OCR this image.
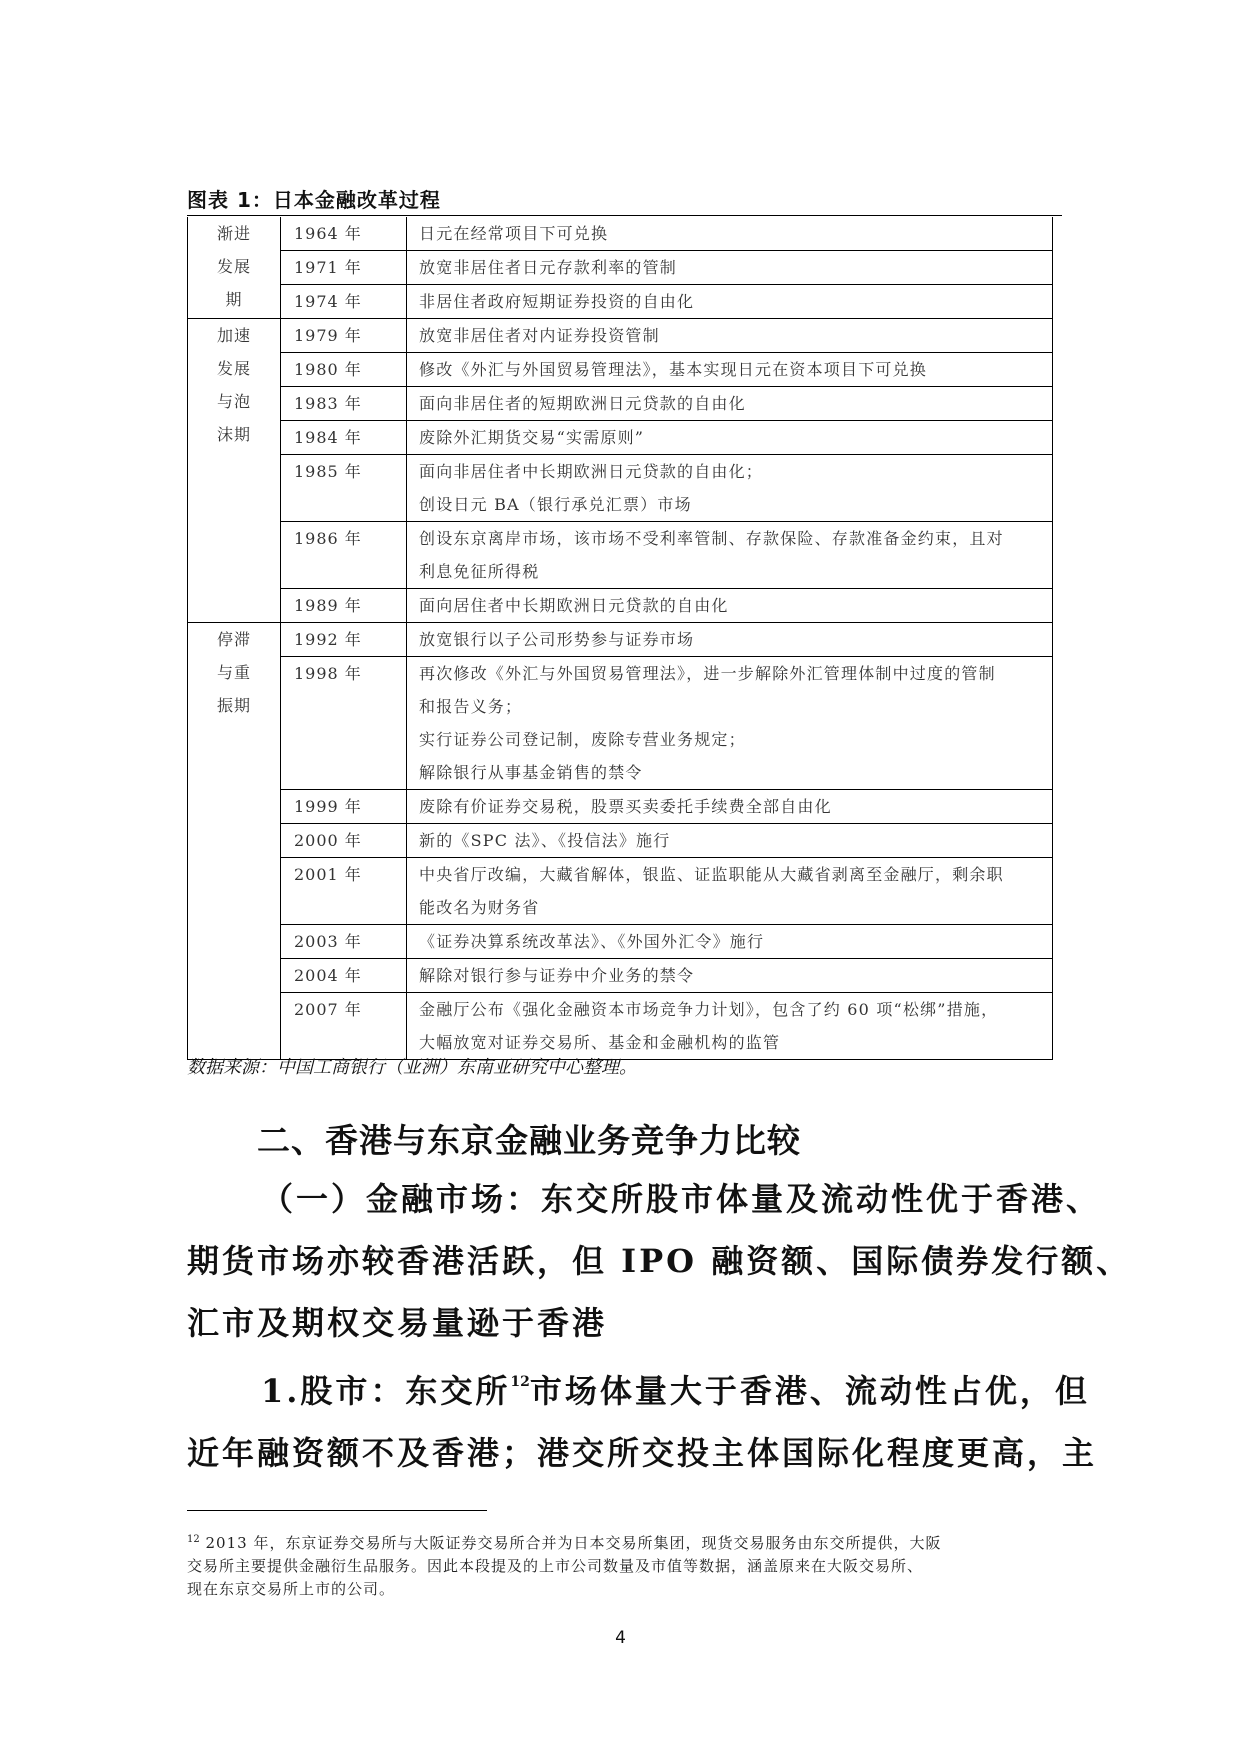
图表 1：日本金融改革过程
渐进
发展
期	1964 年	日元在经常项目下可兑换

	1971 年	放宽非居住者日元存款利率的管制

	1974 年	非居住者政府短期证券投资的自由化

加速
发展
与泡
沫期	1979 年	放宽非居住者对内证券投资管制

	1980 年	修改《外汇与外国贸易管理法》，基本实现日元在资本项目下可兑换

	1983 年	面向非居住者的短期欧洲日元贷款的自由化

	1984 年	废除外汇期货交易“实需原则”

	1985 年	面向非居住者中长期欧洲日元贷款的自由化；
创设日元 BA（银行承兑汇票）市场

	1986 年	创设东京离岸市场，该市场不受利率管制、存款保险、存款准备金约束，且对
利息免征所得税

	1989 年	面向居住者中长期欧洲日元贷款的自由化

停滞
与重
振期	1992 年	放宽银行以子公司形势参与证券市场

	1998 年	再次修改《外汇与外国贸易管理法》，进一步解除外汇管理体制中过度的管制
和报告义务；
实行证券公司登记制，废除专营业务规定；
解除银行从事基金销售的禁令

	1999 年	废除有价证券交易税，股票买卖委托手续费全部自由化

	2000 年	新的《SPC 法》、《投信法》施行

	2001 年	中央省厅改编，大藏省解体，银监、证监职能从大藏省剥离至金融厅，剩余职
能改名为财务省

	2003 年	《证券决算系统改革法》、《外国外汇令》施行

	2004 年	解除对银行参与证券中介业务的禁令

	2007 年	金融厅公布《强化金融资本市场竞争力计划》，包含了约 60 项“松绑”措施，
大幅放宽对证券交易所、基金和金融机构的监管
数据来源：中国工商银行（亚洲）东南亚研究中心整理。
二、香港与东京金融业务竞争力比较
（一）金融市场：东交所股市体量及流动性优于香港、
期货市场亦较香港活跃，但 IPO 融资额、国际债券发行额、
汇市及期权交易量逊于香港
1.股市：东交所$^{12}$市场体量大于香港、流动性占优，但
近年融资额不及香港；港交所交投主体国际化程度更高，主
$^{12}$ 2013 年，东京证券交易所与大阪证券交易所合并为日本交易所集团，现货交易服务由东交所提供，大阪
交易所主要提供金融衍生品服务。因此本段提及的上市公司数量及市值等数据，涵盖原来在大阪交易所、
现在东京交易所上市的公司。
4
